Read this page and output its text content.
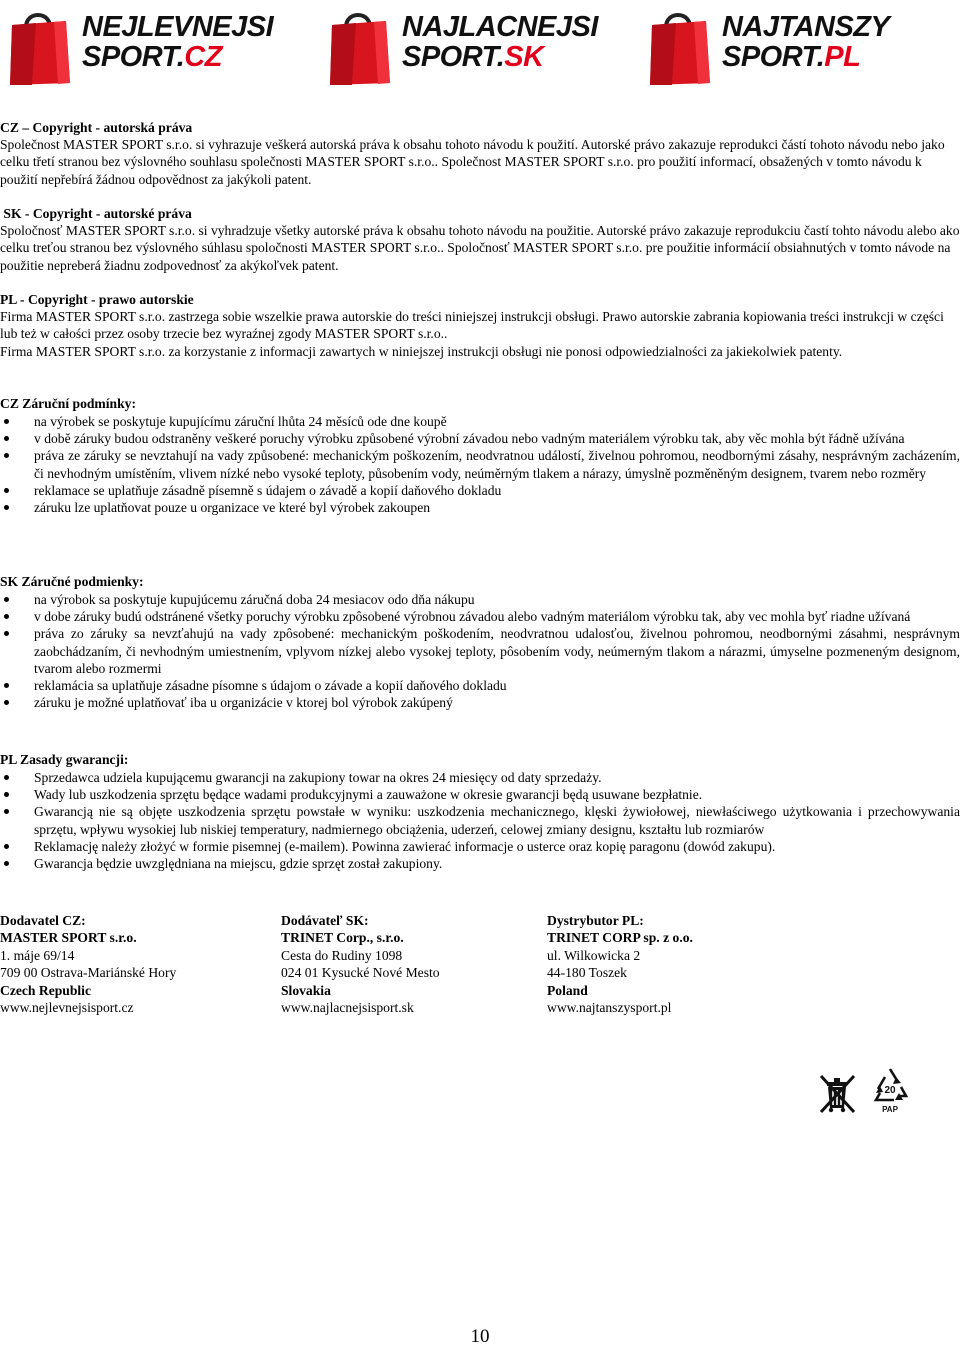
NEJLEVNEJSI
SPORT.CZ
NAJLACNEJSI
SPORT.SK
NAJTANSZY
SPORT.PL

CZ – Copyright - autorská práva

Společnost MASTER SPORT s.r.o. si vyhrazuje veškerá autorská práva k obsahu tohoto návodu k použití. Autorské právo zakazuje reprodukci částí tohoto návodu nebo jako celku třetí stranou bez výslovného souhlasu společnosti MASTER SPORT s.r.o.. Společnost MASTER SPORT s.r.o. pro použití informací, obsažených v tomto návodu k použití nepřebírá žádnou odpovědnost za jakýkoli patent.

SK - Copyright - autorské práva

Spoločnosť MASTER SPORT s.r.o. si vyhradzuje všetky autorské práva k obsahu tohoto návodu na použitie. Autorské právo zakazuje reprodukciu častí tohto návodu alebo ako celku treťou stranou bez výslovného súhlasu spoločnosti MASTER SPORT s.r.o.. Spoločnosť MASTER SPORT s.r.o. pre použitie informácií obsiahnutých v tomto návode na použitie nepreberá žiadnu zodpovednosť za akýkoľvek patent.

PL - Copyright - prawo autorskie

Firma MASTER SPORT s.r.o. zastrzega sobie wszelkie prawa autorskie do treści niniejszej instrukcji obsługi. Prawo autorskie zabrania kopiowania treści instrukcji w części lub też w całości przez osoby trzecie bez wyraźnej zgody MASTER SPORT s.r.o..

Firma MASTER SPORT s.r.o. za korzystanie z informacji zawartych w niniejszej instrukcji obsługi nie ponosi odpowiedzialności za jakiekolwiek patenty.

CZ Záruční podmínky:

na výrobek se poskytuje kupujícímu záruční lhůta 24 měsíců ode dne koupě
v době záruky budou odstraněny veškeré poruchy výrobku způsobené výrobní závadou nebo vadným materiálem výrobku tak, aby věc mohla být řádně užívána
práva ze záruky se nevztahují na vady způsobené: mechanickým poškozením, neodvratnou událostí, živelnou pohromou, neodbornými zásahy, nesprávným zacházením, či nevhodným umístěním, vlivem nízké nebo vysoké teploty, působením vody, neúměrným tlakem a nárazy, úmyslně pozměněným designem, tvarem nebo rozměry
reklamace se uplatňuje zásadně písemně s údajem o závadě a kopií daňového dokladu
záruku lze uplatňovat pouze u organizace ve které byl výrobek zakoupen

SK Záručné podmienky:

na výrobok sa poskytuje kupujúcemu záručná doba 24 mesiacov odo dňa nákupu
v dobe záruky budú odstránené všetky poruchy výrobku zpôsobené výrobnou závadou alebo vadným materiálom výrobku tak, aby vec mohla byť riadne užívaná
práva zo záruky sa nevzťahujú na vady zpôsobené: mechanickým poškodením, neodvratnou udalosťou, živelnou pohromou, neodbornými zásahmi, nesprávnym zaobchádzaním, či nevhodným umiestnením, vplyvom nízkej alebo vysokej teploty, pôsobením vody, neúmerným tlakom a nárazmi, úmyselne pozmeneným designom, tvarom alebo rozmermi
reklamácia sa uplatňuje zásadne písomne s údajom o závade a kopií daňového dokladu
záruku je možné uplatňovať iba u organizácie v ktorej bol výrobok zakúpený

PL Zasady gwarancji:

Sprzedawca udziela kupującemu gwarancji na zakupiony towar na okres 24 miesięcy od daty sprzedaży.
Wady lub uszkodzenia sprzętu będące wadami produkcyjnymi a zauważone w okresie gwarancji będą usuwane bezpłatnie.
Gwarancją nie są objęte uszkodzenia sprzętu powstałe w wyniku: uszkodzenia mechanicznego, klęski żywiołowej, niewłaściwego użytkowania i przechowywania sprzętu, wpływu wysokiej lub niskiej temperatury, nadmiernego obciążenia, uderzeń, celowej zmiany designu, kształtu lub rozmiarów
Reklamację należy złożyć w formie pisemnej (e-mailem). Powinna zawierać informacje o usterce oraz kopię paragonu (dowód zakupu).
Gwarancja będzie uwzględniana na miejscu, gdzie sprzęt został zakupiony.
Dodavatel CZ:
MASTER SPORT s.r.o.
1. máje 69/14
709 00 Ostrava-Mariánské Hory
Czech Republic
www.nejlevnejsisport.cz
Dodávateľ SK:
TRINET Corp., s.r.o.
Cesta do Rudiny 1098
024 01 Kysucké Nové Mesto
Slovakia
www.najlacnejsisport.sk
Dystrybutor PL:
TRINET CORP sp. z o.o.
ul. Wilkowicka 2
44-180 Toszek
Poland
www.najtanszysport.pl
20
PAP
10
